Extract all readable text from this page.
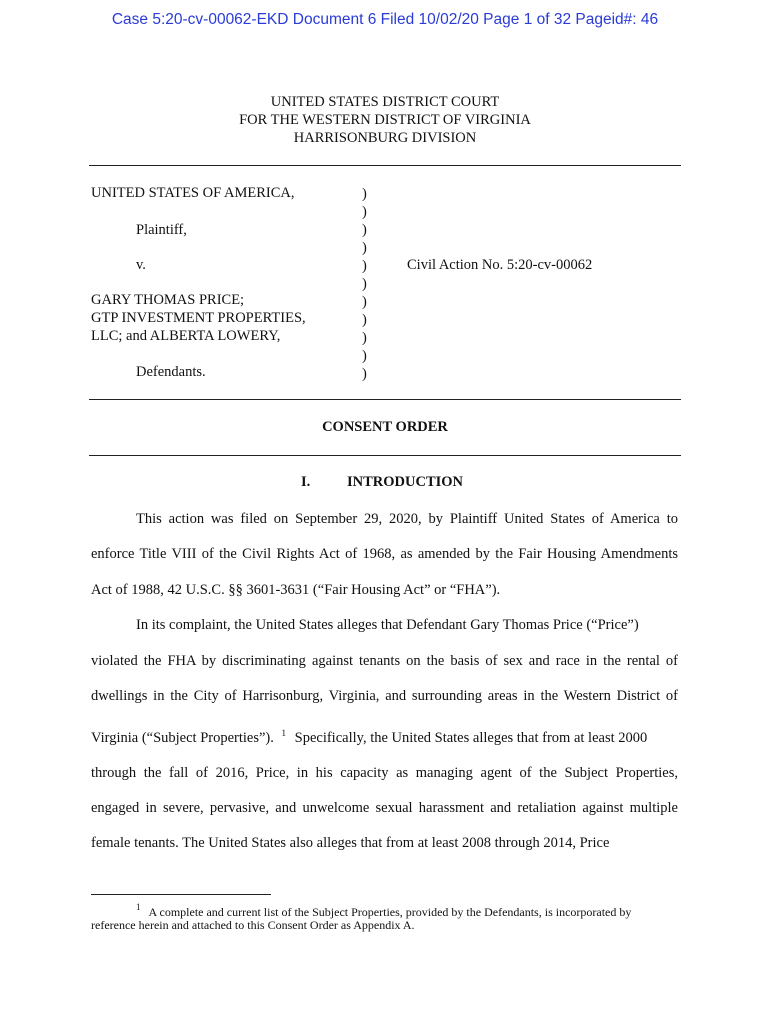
Case 5:20-cv-00062-EKD Document 6 Filed 10/02/20 Page 1 of 32 Pageid#: 46
UNITED STATES DISTRICT COURT
FOR THE WESTERN DISTRICT OF VIRGINIA
HARRISONBURG DIVISION
UNITED STATES OF AMERICA,
Plaintiff,
v.
GARY THOMAS PRICE;
GTP INVESTMENT PROPERTIES,
LLC; and ALBERTA LOWERY,
Defendants.
)
)
)
)
)
)
)
)
)
)
)
Civil Action No. 5:20-cv-00062
CONSENT ORDER
I.	INTRODUCTION
This action was filed on September 29, 2020, by Plaintiff United States of America to
enforce Title VIII of the Civil Rights Act of 1968, as amended by the Fair Housing Amendments
Act of 1988, 42 U.S.C. §§ 3601-3631 (“Fair Housing Act” or “FHA”).
In its complaint, the United States alleges that Defendant Gary Thomas Price (“Price”)
violated the FHA by discriminating against tenants on the basis of sex and race in the rental of
dwellings in the City of Harrisonburg, Virginia, and surrounding areas in the Western District of
Virginia (“Subject Properties”). $^1$ Specifically, the United States alleges that from at least 2000
through the fall of 2016, Price, in his capacity as managing agent of the Subject Properties,
engaged in severe, pervasive, and unwelcome sexual harassment and retaliation against multiple
female tenants. The United States also alleges that from at least 2008 through 2014, Price
$^1$ A complete and current list of the Subject Properties, provided by the Defendants, is incorporated by
reference herein and attached to this Consent Order as Appendix A.
